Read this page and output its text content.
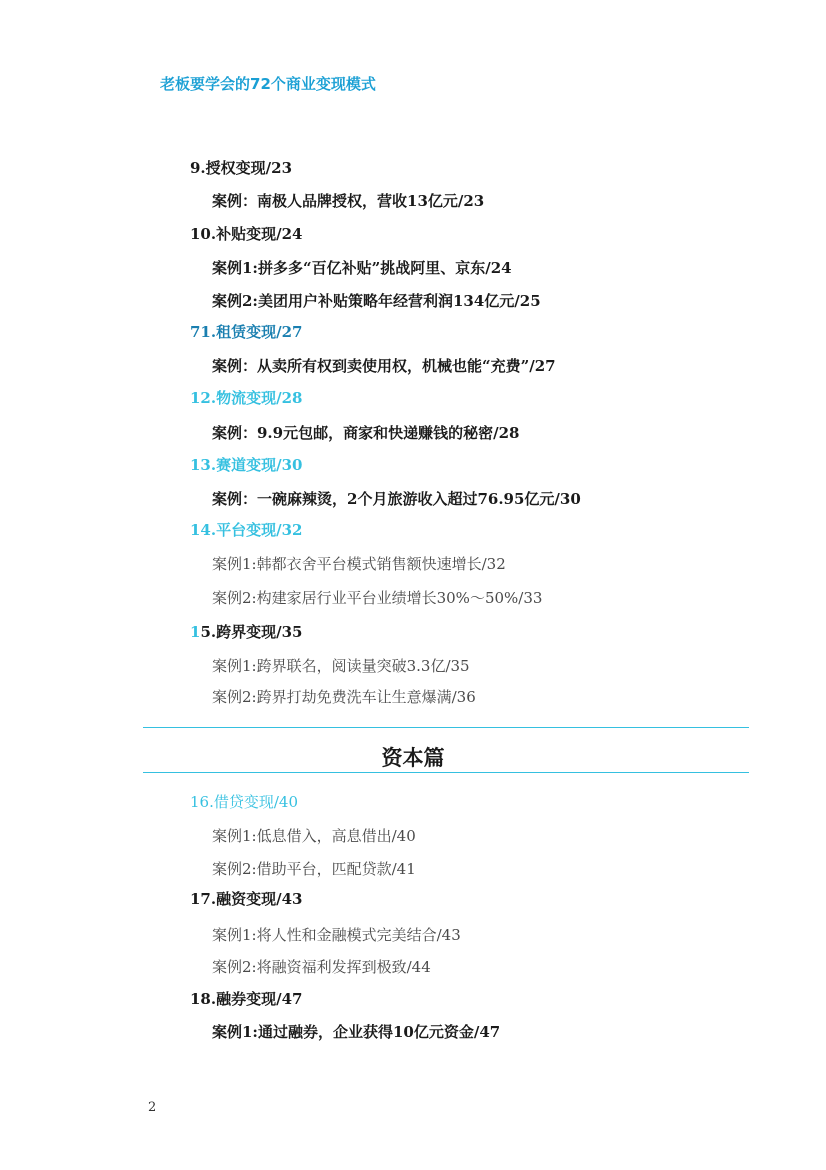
老板要学会的72个商业变现模式
9.授权变现/23
案例：南极人品牌授权，营收13亿元/23
10.补贴变现/24
案例1:拼多多“百亿补贴”挑战阿里、京东/24
案例2:美团用户补贴策略年经营利润134亿元/25
71.租赁变现/27
案例：从卖所有权到卖使用权，机械也能“充费”/27
12.物流变现/28
案例：9.9元包邮，商家和快递赚钱的秘密/28
13.赛道变现/30
案例：一碗麻辣烫，2个月旅游收入超过76.95亿元/30
14.平台变现/32
案例1:韩都衣舍平台模式销售额快速增长/32
案例2:构建家居行业平台业绩增长30%～50%/33
15.跨界变现/35
案例1:跨界联名，阅读量突破3.3亿/35
案例2:跨界打劫免费洗车让生意爆满/36
资本篇
16.借贷变现/40
案例1:低息借入，高息借出/40
案例2:借助平台，匹配贷款/41
17.融资变现/43
案例1:将人性和金融模式完美结合/43
案例2:将融资福利发挥到极致/44
18.融券变现/47
案例1:通过融券，企业获得10亿元资金/47
2
